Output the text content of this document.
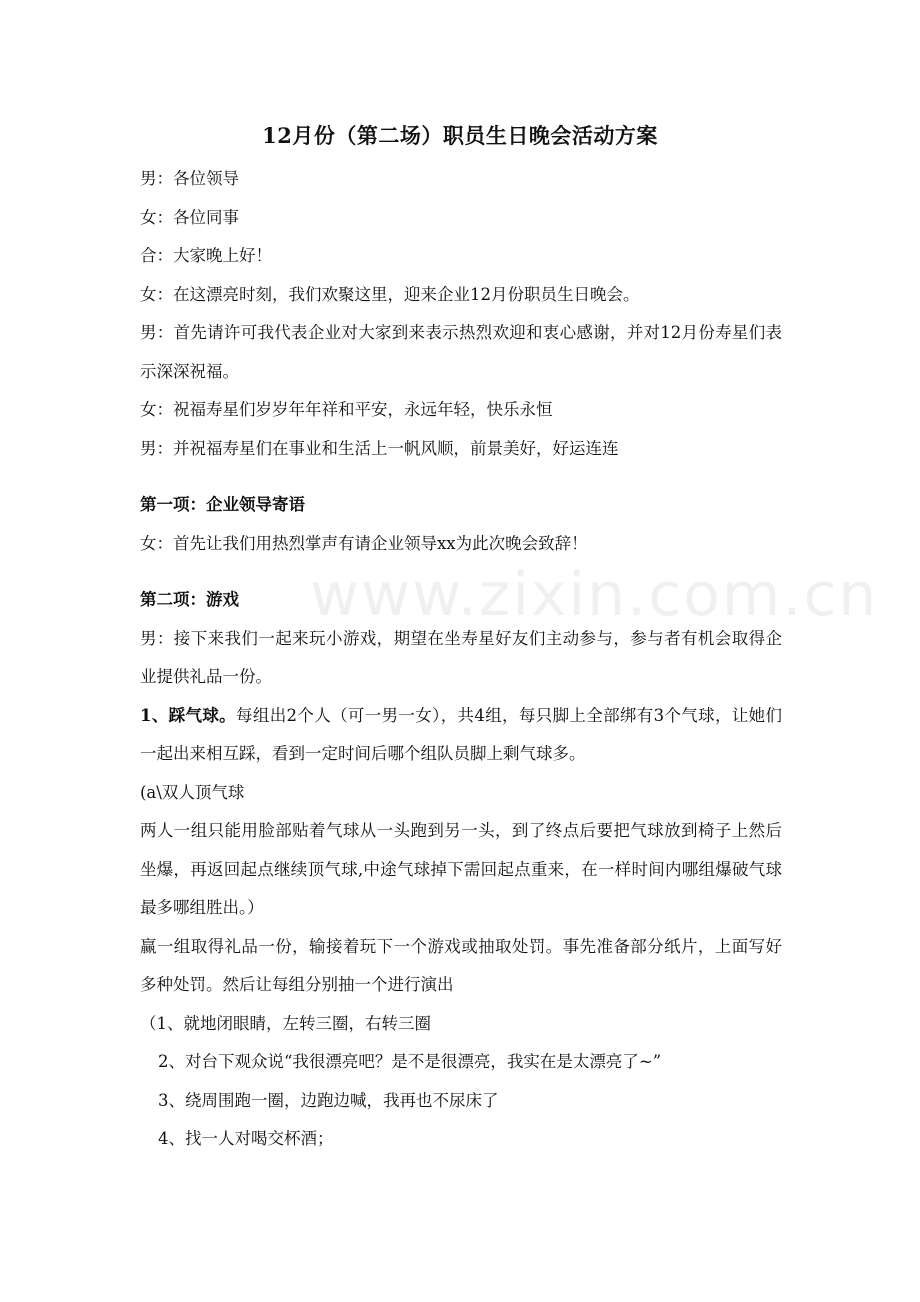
www.zixin.com.cn
12月份（第二场）职员生日晚会活动方案

男：各位领导

女：各位同事

合：大家晚上好！

女：在这漂亮时刻，我们欢聚这里，迎来企业12月份职员生日晚会。

男：首先请许可我代表企业对大家到来表示热烈欢迎和衷心感谢，并对12月份寿星们表示深深祝福。

女：祝福寿星们岁岁年年祥和平安，永远年轻，快乐永恒

男：并祝福寿星们在事业和生活上一帆风顺，前景美好，好运连连

第一项：企业领导寄语

女：首先让我们用热烈掌声有请企业领导xx为此次晚会致辞！

第二项：游戏

男：接下来我们一起来玩小游戏，期望在坐寿星好友们主动参与，参与者有机会取得企业提供礼品一份。

1、踩气球。每组出2个人（可一男一女），共4组，每只脚上全部绑有3个气球，让她们一起出来相互踩，看到一定时间后哪个组队员脚上剩气球多。

(a\双人顶气球

两人一组只能用脸部贴着气球从一头跑到另一头，到了终点后要把气球放到椅子上然后坐爆，再返回起点继续顶气球,中途气球掉下需回起点重来，在一样时间内哪组爆破气球最多哪组胜出。）

赢一组取得礼品一份，输接着玩下一个游戏或抽取处罚。事先准备部分纸片，上面写好多种处罚。然后让每组分别抽一个进行演出

（1、就地闭眼睛，左转三圈，右转三圈

2、对台下观众说“我很漂亮吧？是不是很漂亮，我实在是太漂亮了~”

3、绕周围跑一圈，边跑边喊，我再也不尿床了

4、找一人对喝交杯酒；
